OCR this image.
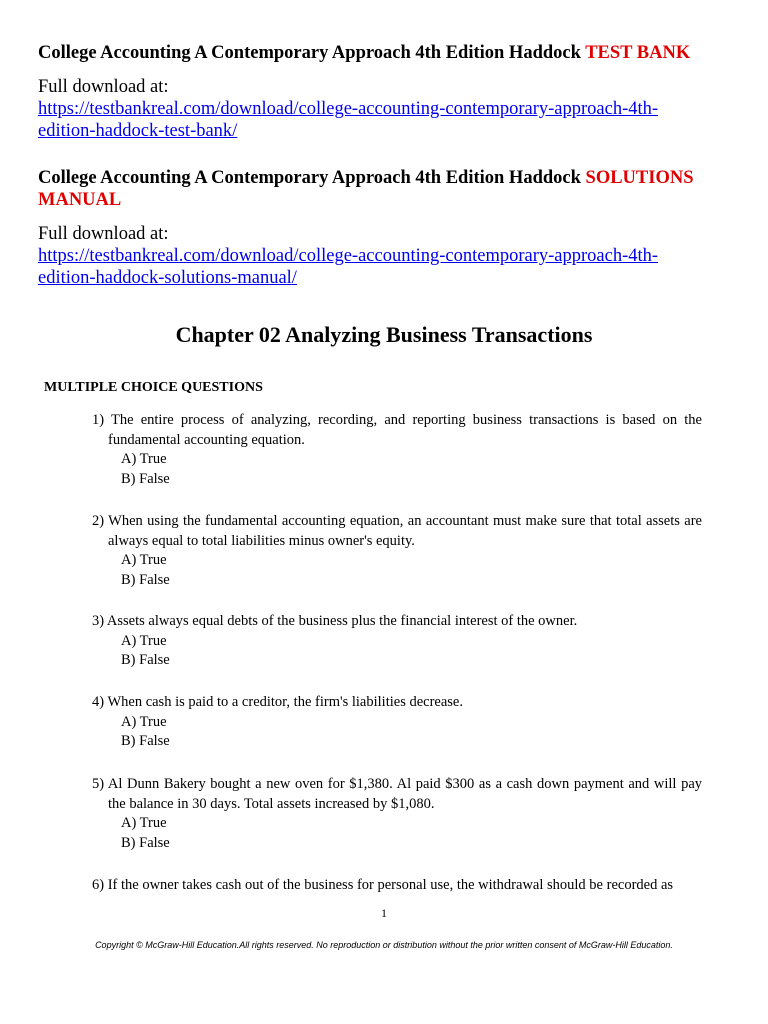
College Accounting A Contemporary Approach 4th Edition Haddock TEST BANK
Full download at:
https://testbankreal.com/download/college-accounting-contemporary-approach-4th-
edition-haddock-test-bank/
College Accounting A Contemporary Approach 4th Edition Haddock SOLUTIONS MANUAL
Full download at:
https://testbankreal.com/download/college-accounting-contemporary-approach-4th-
edition-haddock-solutions-manual/
Chapter 02 Analyzing Business Transactions
MULTIPLE CHOICE QUESTIONS
1) The entire process of analyzing, recording, and reporting business transactions is based on the fundamental accounting equation.
A) True
B) False
2) When using the fundamental accounting equation, an accountant must make sure that total assets are always equal to total liabilities minus owner's equity.
A) True
B) False
3) Assets always equal debts of the business plus the financial interest of the owner.
A) True
B) False
4) When cash is paid to a creditor, the firm's liabilities decrease.
A) True
B) False
5) Al Dunn Bakery bought a new oven for $1,380. Al paid $300 as a cash down payment and will pay the balance in 30 days. Total assets increased by $1,080.
A) True
B) False
6) If the owner takes cash out of the business for personal use, the withdrawal should be recorded as
1
Copyright © McGraw-Hill Education.All rights reserved. No reproduction or distribution without the prior written consent of McGraw-Hill Education.
